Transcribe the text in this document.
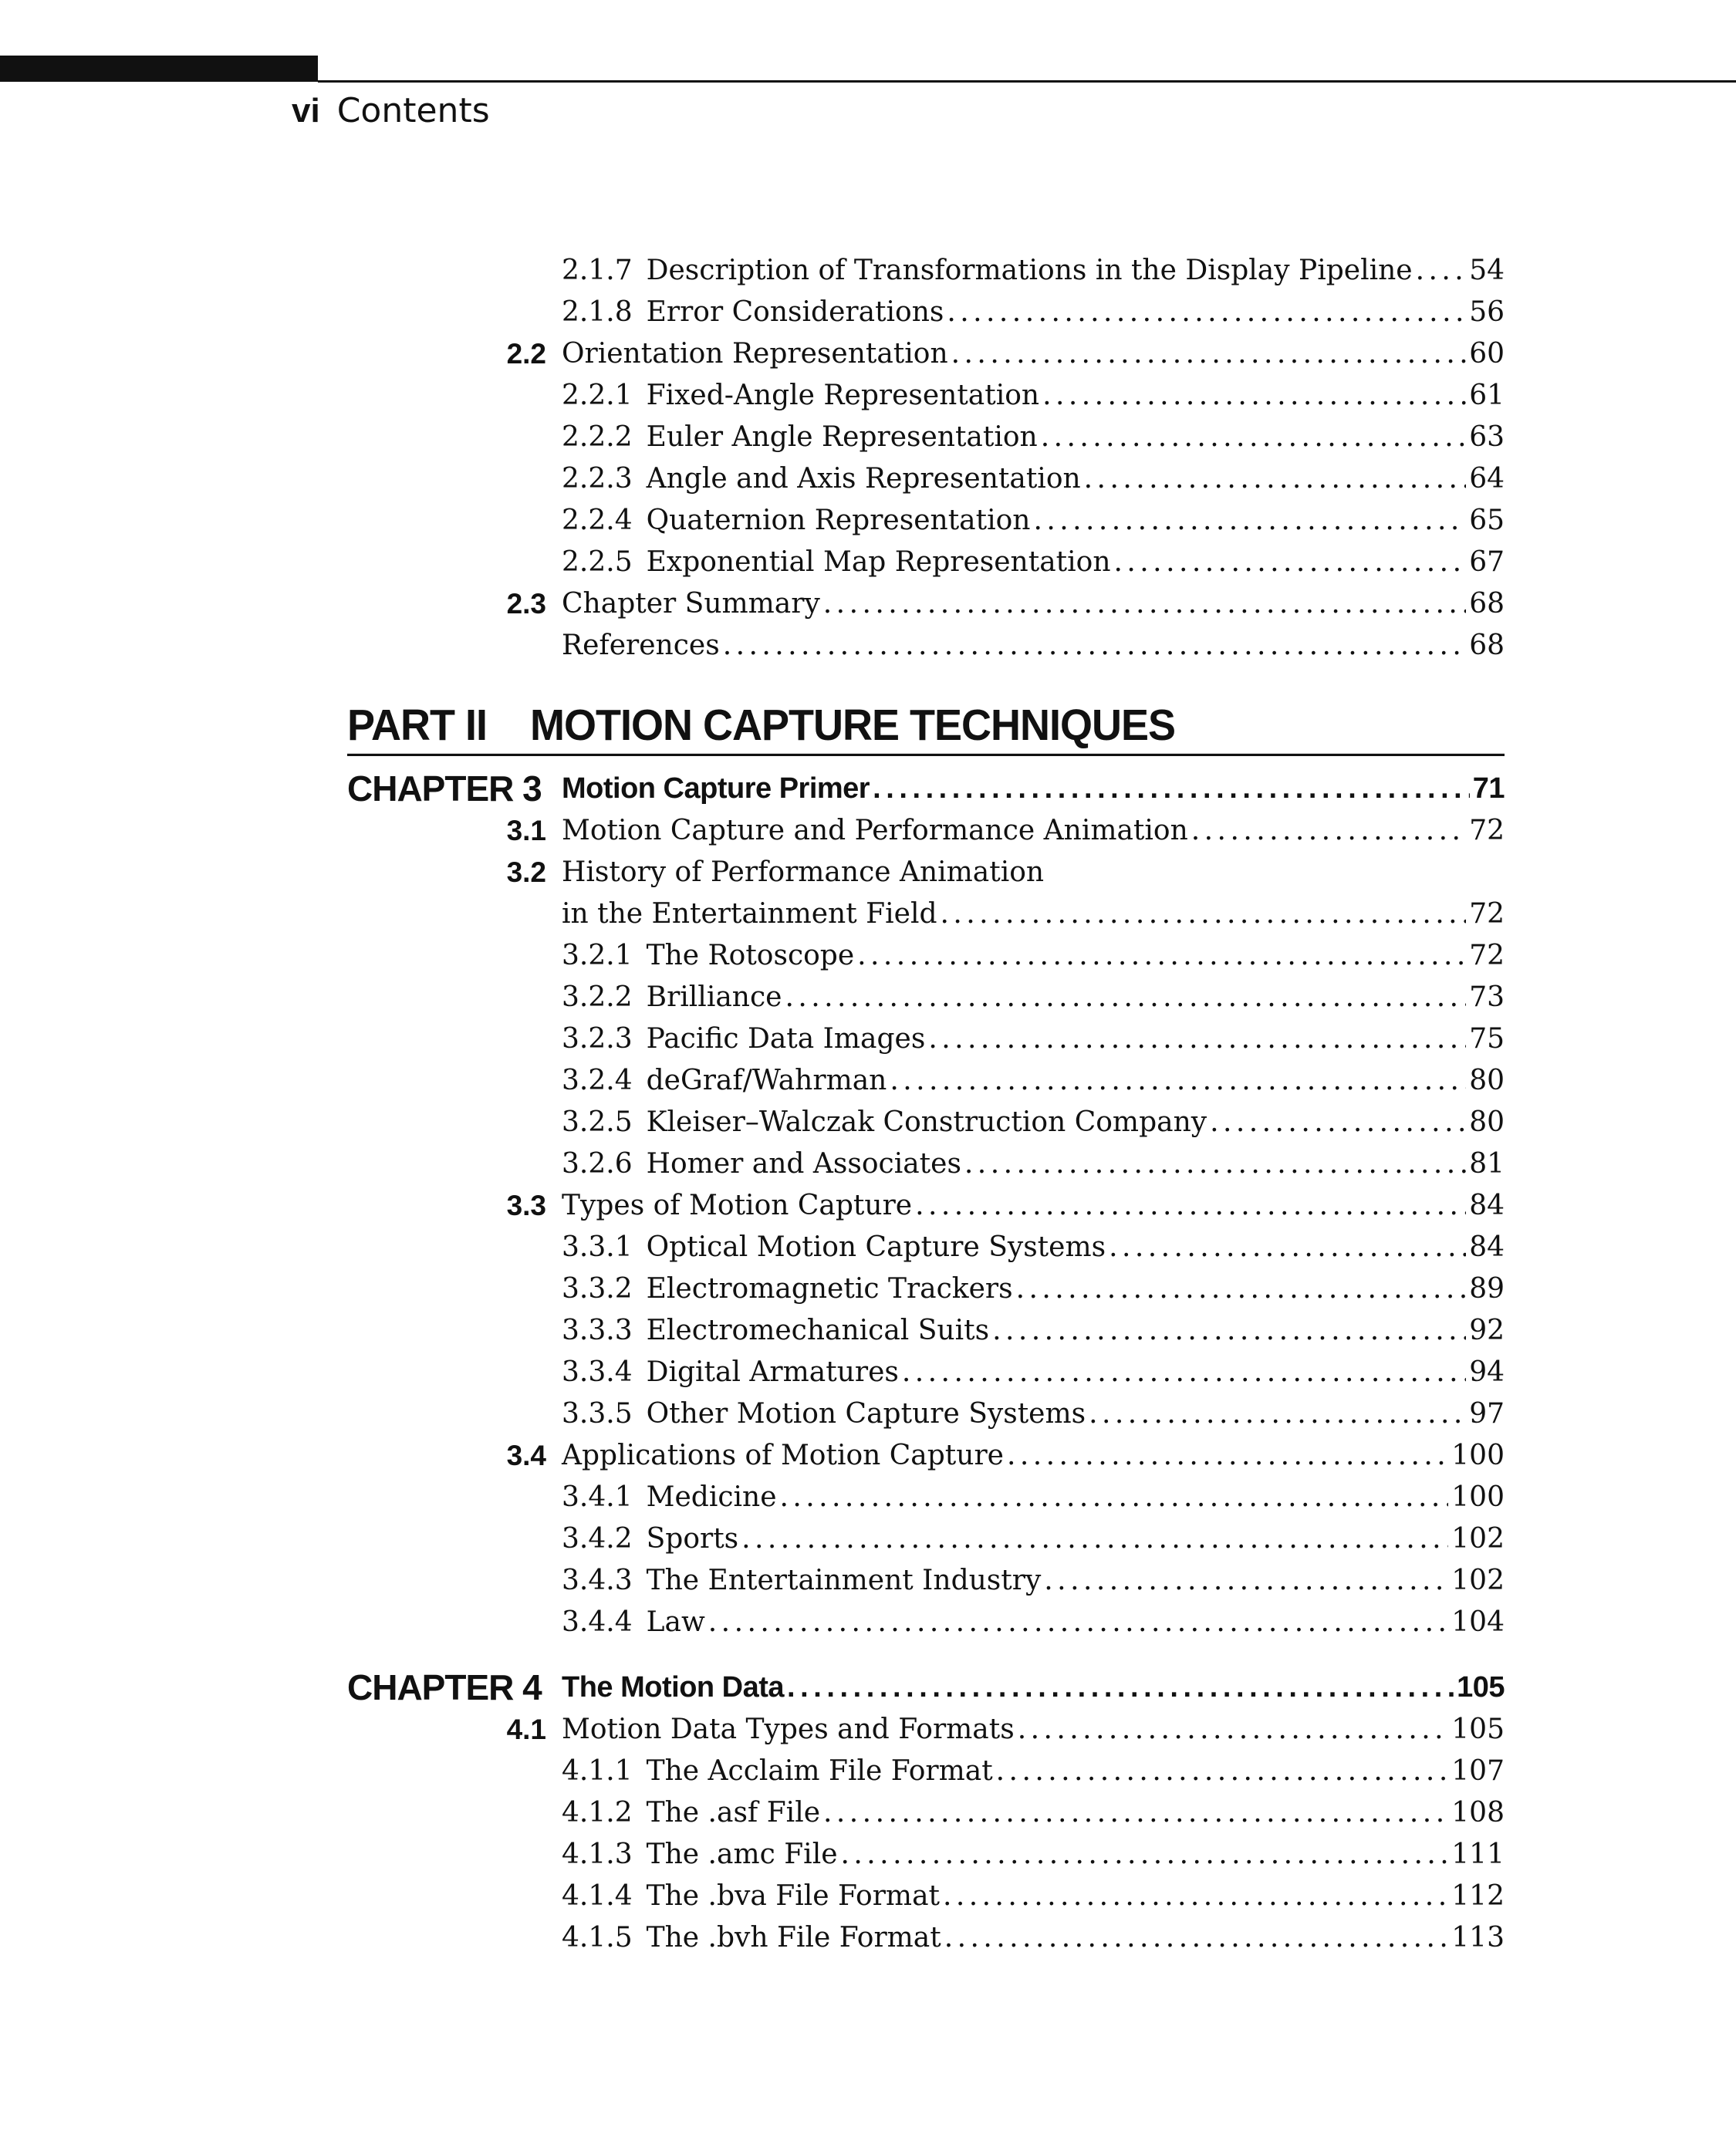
vi Contents
2.1.7 Description of Transformations in the Display Pipeline . . . 54
2.1.8 Error Considerations . . .	56
2.2 Orientation Representation . . .	60
2.2.1 Fixed-Angle Representation . . .	61
2.2.2 Euler Angle Representation . . .	63
2.2.3 Angle and Axis Representation . . .	64
2.2.4 Quaternion Representation . . .	65
2.2.5 Exponential Map Representation . . .	67
2.3 Chapter Summary . . .	68
References . . .	68
CHAPTER 3 Motion Capture Primer . . .	71
3.1 Motion Capture and Performance Animation . . .	72
3.2 History of Performance Animation
in the Entertainment Field . . .	72
3.2.1 The Rotoscope . . .	72
3.2.2 Brilliance . . .	73
3.2.3 Pacific Data Images . . .	75
3.2.4 deGraf/Wahrman . . .	80
3.2.5 Kleiser–Walczak Construction Company . . .	80
3.2.6 Homer and Associates . . .	81
3.3 Types of Motion Capture . . .	84
3.3.1 Optical Motion Capture Systems . . .	84
3.3.2 Electromagnetic Trackers . . .	89
3.3.3 Electromechanical Suits . . .	92
3.3.4 Digital Armatures . . .	94
3.3.5 Other Motion Capture Systems . . .	97
3.4 Applications of Motion Capture . . .	100
3.4.1 Medicine . . .	100
3.4.2 Sports . . .	102
3.4.3 The Entertainment Industry . . .	102
3.4.4 Law . . .	104
CHAPTER 4 The Motion Data . . .	105
4.1 Motion Data Types and Formats . . .	105
4.1.1 The Acclaim File Format . . .	107
4.1.2 The .asf File . . .	108
4.1.3 The .amc File . . .	111
4.1.4 The .bva File Format . . .	112
4.1.5 The .bvh File Format . . .	113
PART II MOTION CAPTURE TECHNIQUES
